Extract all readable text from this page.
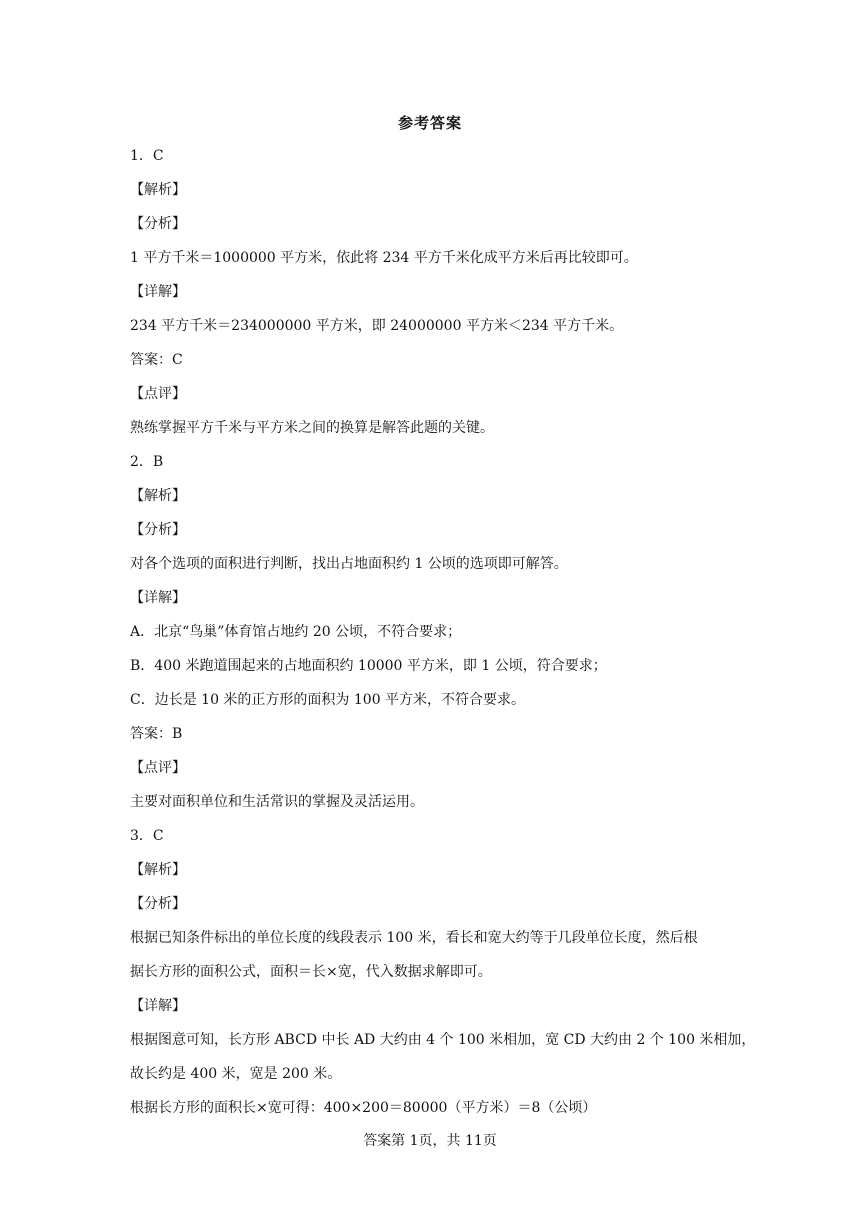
参考答案
1．C
【解析】
【分析】
1 平方千米＝1000000 平方米，依此将 234 平方千米化成平方米后再比较即可。
【详解】
234 平方千米＝234000000 平方米，即 24000000 平方米＜234 平方千米。
答案：C
【点评】
熟练掌握平方千米与平方米之间的换算是解答此题的关键。
2．B
【解析】
【分析】
对各个选项的面积进行判断，找出占地面积约 1 公顷的选项即可解答。
【详解】
A．北京“鸟巢”体育馆占地约 20 公顷，不符合要求；
B．400 米跑道围起来的占地面积约 10000 平方米，即 1 公顷，符合要求；
C．边长是 10 米的正方形的面积为 100 平方米，不符合要求。
答案：B
【点评】
主要对面积单位和生活常识的掌握及灵活运用。
3．C
【解析】
【分析】
根据已知条件标出的单位长度的线段表示 100 米，看长和宽大约等于几段单位长度，然后根
据长方形的面积公式，面积＝长×宽，代入数据求解即可。
【详解】
根据图意可知，长方形 ABCD 中长 AD 大约由 4 个 100 米相加，宽 CD 大约由 2 个 100 米相加，
故长约是 400 米，宽是 200 米。
根据长方形的面积长×宽可得：400×200＝80000（平方米）＝8（公顷）
答案第 1页，共 11页
